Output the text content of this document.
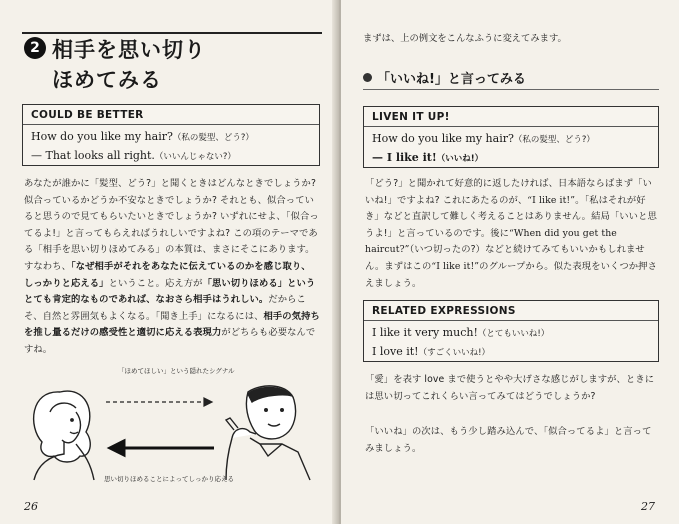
2 相手を思い切り
ほめてみる
COULD BE BETTER
How do you like my hair?（私の髪型、どう?）
— That looks all right.（いいんじゃない?）

あなたが誰かに「髪型、どう?」と聞くときはどんなときでしょうか? 似合っているかどうか不安なときでしょうか? それとも、似合っていると思うので見てもらいたいときでしょうか? いずれにせよ、「似合ってるよ!」と言ってもらえればうれしいですよね? この項のテーマである「相手を思い切りほめてみる」の本質は、まさにそこにあります。すなわち、「なぜ相手がそれをあなたに伝えているのかを感じ取り、しっかりと応える」ということ。応え方が「思い切りほめる」というとても肯定的なものであれば、なおさら相手はうれしい。だからこそ、自然と雰囲気もよくなる。「聞き上手」になるには、相手の気持ちを推し量るだけの感受性と適切に応える表現力がどちらも必要なんですね。

「ほめてほしい」という隠れたシグナル
思い切りほめることによってしっかり応える
26
まずは、上の例文をこんなふうに変えてみます。
「いいね!」と言ってみる
LIVEN IT UP!
How do you like my hair?（私の髪型、どう?）
— I like it!（いいね!）

「どう?」と聞かれて好意的に返したければ、日本語ならばまず「いいね!」ですよね? これにあたるのが、“I like it!”。「私はそれが好き」などと直訳して難しく考えることはありません。結局「いいと思うよ!」と言っているのです。後に“When did you get the haircut?”（いつ切ったの?）などと続けてみてもいいかもしれません。まずはこの“I like it!”のグループから。似た表現をいくつか押さえましょう。

RELATED EXPRESSIONS
I like it very much!（とてもいいね!）
I love it!（すごくいいね!）
「愛」を表す love まで使うとやや大げさな感じがしますが、ときには思い切ってこれくらい言ってみてはどうでしょうか?
「いいね」の次は、もう少し踏み込んで、「似合ってるよ」と言ってみましょう。
27
